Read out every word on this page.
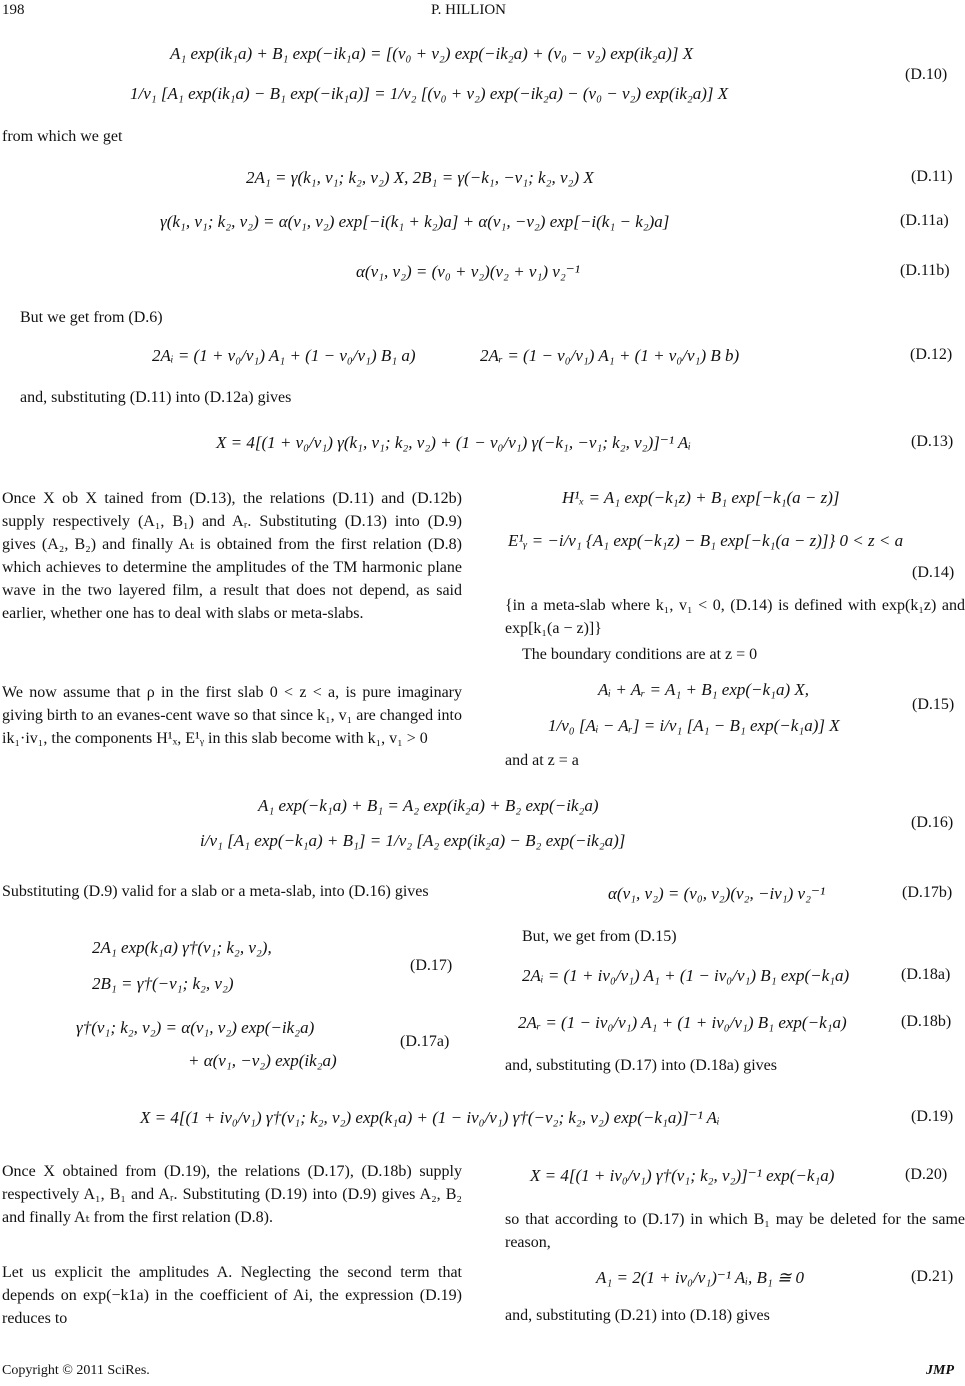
198	P. HILLION
A₁ exp(ik₁a) + B₁ exp(−ik₁a) = [(v₀ + v₂) exp(−ik₂a) + (v₀ − v₂) exp(ik₂a)] X
1/v₁ [A₁ exp(ik₁a) − B₁ exp(−ik₁a)] = 1/v₂ [(v₀ + v₂) exp(−ik₂a) − (v₀ − v₂) exp(ik₂a)] X
(D.10)
from which we get
2A₁ = γ(k₁, v₁; k₂, v₂) X, 2B₁ = γ(−k₁, −v₁; k₂, v₂) X	(D.11)
γ(k₁, v₁; k₂, v₂) = α(v₁, v₂) exp[−i(k₁ + k₂)a] + α(v₁, −v₂) exp[−i(k₁ − k₂)a]	(D.11a)
α(v₁, v₂) = (v₀ + v₂)(v₂ + v₁) v₂⁻¹	(D.11b)
But we get from (D.6)
2Aᵢ = (1 + v₀/v₁) A₁ + (1 − v₀/v₁) B₁ a)	2Aᵣ = (1 − v₀/v₁) A₁ + (1 + v₀/v₁) B b)	(D.12)
and, substituting (D.11) into (D.12a) gives
X = 4[(1 + v₀/v₁) γ(k₁, v₁; k₂, v₂) + (1 − v₀/v₁) γ(−k₁, −v₁; k₂, v₂)]⁻¹ Aᵢ	(D.13)
Once X ob X tained from (D.13), the relations (D.11) and (D.12b) supply respectively (A₁, B₁) and Aᵣ. Substituting (D.13) into (D.9) gives (A₂, B₂) and finally Aₜ is obtained from the first relation (D.8) which achieves to determine the amplitudes of the TM harmonic plane wave in the two layered film, a result that does not depend, as said earlier, whether one has to deal with slabs or meta-slabs.
We now assume that ρ in the first slab 0 < z < a, is pure imaginary giving birth to an evanes-cent wave so that since k₁, v₁ are changed into ik₁·iv₁, the components H¹ₓ, E¹ᵧ in this slab become with k₁, v₁ > 0
H¹ₓ = A₁ exp(−k₁z) + B₁ exp[−k₁(a − z)]
E¹ᵧ = −i/v₁ {A₁ exp(−k₁z) − B₁ exp[−k₁(a − z)]} 0 < z < a
(D.14)
{in a meta-slab where k₁, v₁ < 0, (D.14) is defined with exp(k₁z) and exp[k₁(a − z)]}
The boundary conditions are at z = 0
Aᵢ + Aᵣ = A₁ + B₁ exp(−k₁a) X,
1/v₀ [Aᵢ − Aᵣ] = i/v₁ [A₁ − B₁ exp(−k₁a)] X
(D.15)
and at z = a
A₁ exp(−k₁a) + B₁ = A₂ exp(ik₂a) + B₂ exp(−ik₂a)
i/v₁ [A₁ exp(−k₁a) + B₁] = 1/v₂ [A₂ exp(ik₂a) − B₂ exp(−ik₂a)]
(D.16)
Substituting (D.9) valid for a slab or a meta-slab, into (D.16) gives
2A₁ exp(k₁a) γ†(v₁; k₂, v₂),
2B₁ = γ†(−v₁; k₂, v₂)
(D.17)
γ†(v₁; k₂, v₂) = α(v₁, v₂) exp(−ik₂a)
+ α(v₁, −v₂) exp(ik₂a)
(D.17a)
α(v₁, v₂) = (v₀, v₂)(v₂, −iv₁) v₂⁻¹	(D.17b)
But, we get from (D.15)
2Aᵢ = (1 + iv₀/v₁) A₁ + (1 − iv₀/v₁) B₁ exp(−k₁a)	(D.18a)
2Aᵣ = (1 − iv₀/v₁) A₁ + (1 + iv₀/v₁) B₁ exp(−k₁a)	(D.18b)
and, substituting (D.17) into (D.18a) gives
X = 4[(1 + iv₀/v₁) γ†(v₁; k₂, v₂) exp(k₁a) + (1 − iv₀/v₁) γ†(−v₂; k₂, v₂) exp(−k₁a)]⁻¹ Aᵢ	(D.19)
Once X obtained from (D.19), the relations (D.17), (D.18b) supply respectively A₁, B₁ and Aᵣ. Substituting (D.19) into (D.9) gives A₂, B₂ and finally Aₜ from the first relation (D.8).
Let us explicit the amplitudes A. Neglecting the second term that depends on exp(−k1a) in the coefficient of Ai, the expression (D.19) reduces to
X = 4[(1 + iv₀/v₁) γ†(v₁; k₂, v₂)]⁻¹ exp(−k₁a)	(D.20)
so that according to (D.17) in which B₁ may be deleted for the same reason,
A₁ = 2(1 + iv₀/v₁)⁻¹ Aᵢ, B₁ ≅ 0	(D.21)
and, substituting (D.21) into (D.18) gives
Copyright © 2011 SciRes.	JMP
